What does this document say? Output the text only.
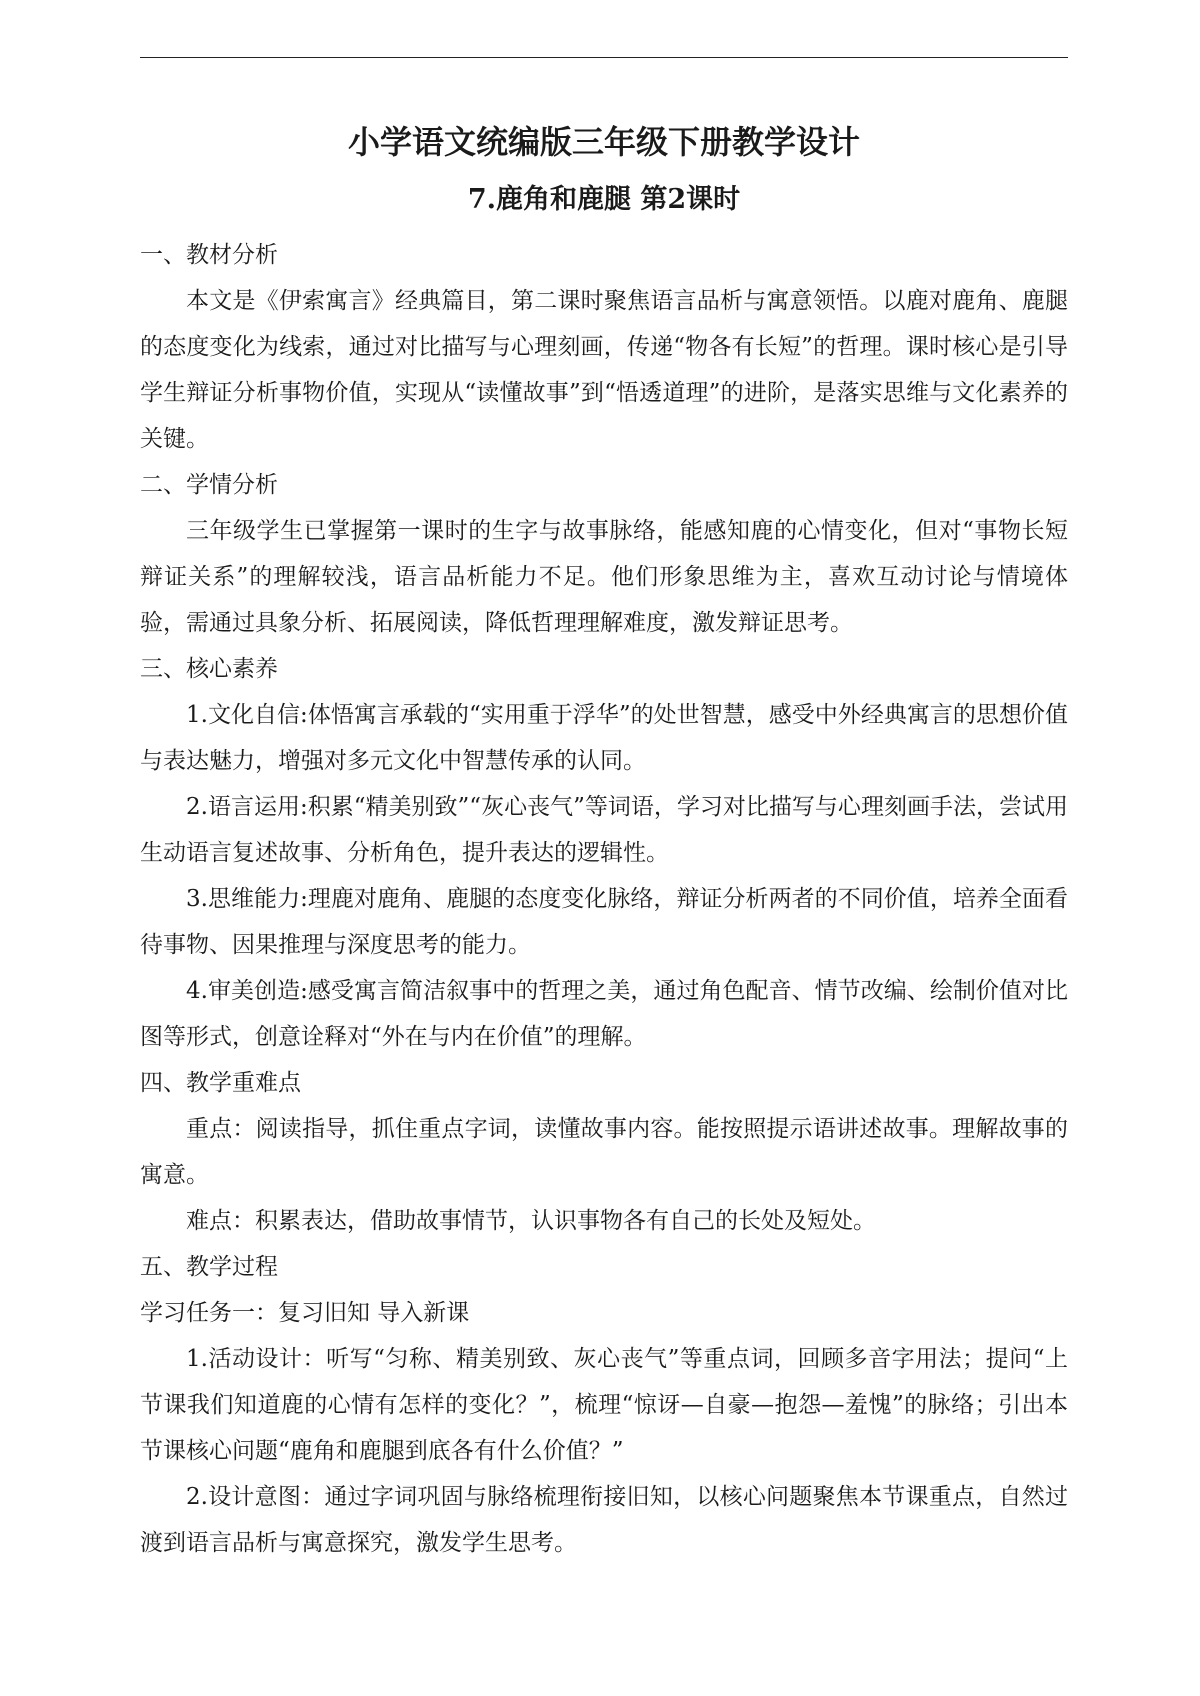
小学语文统编版三年级下册教学设计
7.鹿角和鹿腿 第2课时

一、教材分析

本文是《伊索寓言》经典篇目，第二课时聚焦语言品析与寓意领悟。以鹿对鹿角、鹿腿的态度变化为线索，通过对比描写与心理刻画，传递“物各有长短”的哲理。课时核心是引导学生辩证分析事物价值，实现从“读懂故事”到“悟透道理”的进阶，是落实思维与文化素养的关键。

二、学情分析

三年级学生已掌握第一课时的生字与故事脉络，能感知鹿的心情变化，但对“事物长短辩证关系”的理解较浅，语言品析能力不足。他们形象思维为主，喜欢互动讨论与情境体验，需通过具象分析、拓展阅读，降低哲理理解难度，激发辩证思考。

三、核心素养

1.文化自信:体悟寓言承载的“实用重于浮华”的处世智慧，感受中外经典寓言的思想价值与表达魅力，增强对多元文化中智慧传承的认同。

2.语言运用:积累“精美别致”“灰心丧气”等词语，学习对比描写与心理刻画手法，尝试用生动语言复述故事、分析角色，提升表达的逻辑性。

3.思维能力:理鹿对鹿角、鹿腿的态度变化脉络，辩证分析两者的不同价值，培养全面看待事物、因果推理与深度思考的能力。

4.审美创造:感受寓言简洁叙事中的哲理之美，通过角色配音、情节改编、绘制价值对比图等形式，创意诠释对“外在与内在价值”的理解。

四、教学重难点

重点：阅读指导，抓住重点字词，读懂故事内容。能按照提示语讲述故事。理解故事的寓意。

难点：积累表达，借助故事情节，认识事物各有自己的长处及短处。

五、教学过程

学习任务一：复习旧知 导入新课

1.活动设计：听写“匀称、精美别致、灰心丧气”等重点词，回顾多音字用法；提问“上节课我们知道鹿的心情有怎样的变化？”，梳理“惊讶—自豪—抱怨—羞愧”的脉络；引出本节课核心问题“鹿角和鹿腿到底各有什么价值？”

2.设计意图：通过字词巩固与脉络梳理衔接旧知，以核心问题聚焦本节课重点，自然过渡到语言品析与寓意探究，激发学生思考。
